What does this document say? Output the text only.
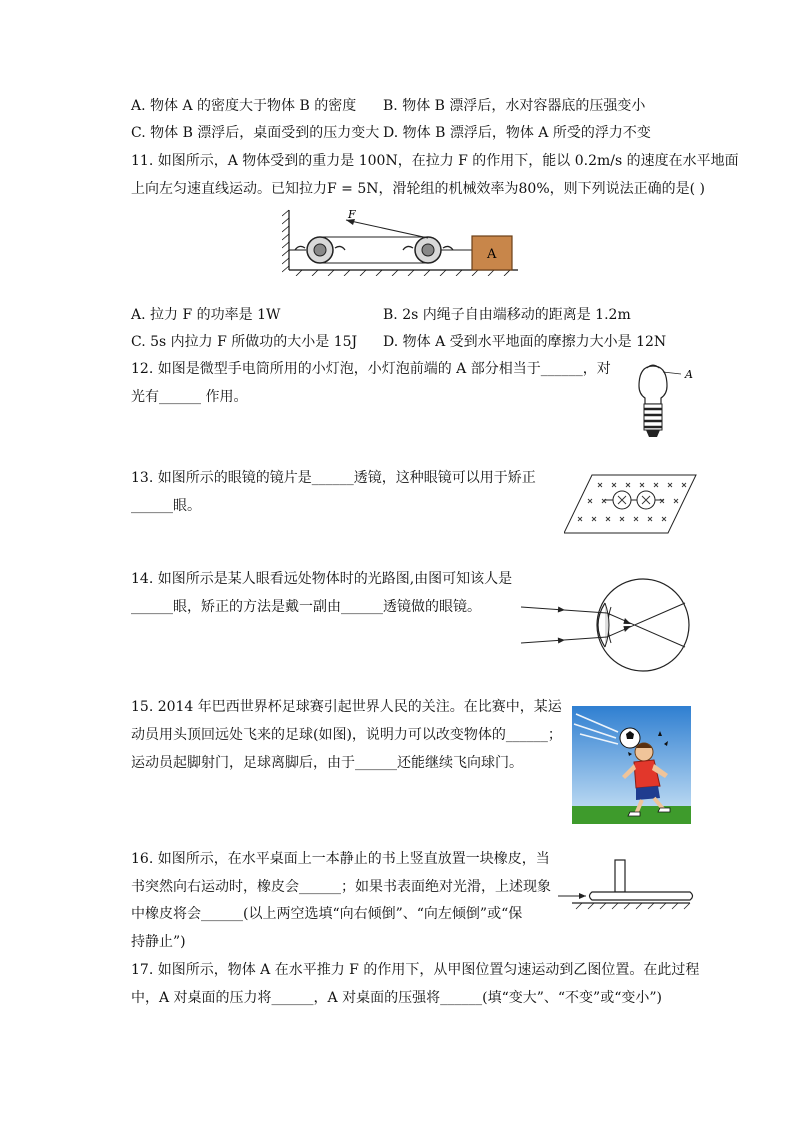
A. 物体 A 的密度大于物体 B 的密度 B. 物体 B 漂浮后，水对容器底的压强变小
C. 物体 B 漂浮后，桌面受到的压力变大 D. 物体 B 漂浮后，物体 A 所受的浮力不变
11. 如图所示，A 物体受到的重力是 100N，在拉力 F 的作用下，能以 0.2m/s 的速度在水平地面
上向左匀速直线运动。已知拉力F = 5N，滑轮组的机械效率为80%，则下列说法正确的是( )
F
A
A. 拉力 F 的功率是 1W	B. 2s 内绳子自由端移动的距离是 1.2m
C. 5s 内拉力 F 所做功的大小是 15J D. 物体 A 受到水平地面的摩擦力大小是 12N
12. 如图是微型手电筒所用的小灯泡，小灯泡前端的 A 部分相当于______，对
光有______ 作用。
A
13. 如图所示的眼镜的镜片是______透镜，这种眼镜可以用于矫正
______眼。
14. 如图所示是某人眼看远处物体时的光路图,由图可知该人是
______眼，矫正的方法是戴一副由______透镜做的眼镜。
15. 2014 年巴西世界杯足球赛引起世界人民的关注。在比赛中，某运
动员用头顶回远处飞来的足球(如图)，说明力可以改变物体的______；
运动员起脚射门，足球离脚后，由于______还能继续飞向球门。
16. 如图所示，在水平桌面上一本静止的书上竖直放置一块橡皮，当
书突然向右运动时，橡皮会______；如果书表面绝对光滑，上述现象
中橡皮将会______(以上两空选填“向右倾倒”、“向左倾倒”或“保
持静止”)
17. 如图所示，物体 A 在水平推力 F 的作用下，从甲图位置匀速运动到乙图位置。在此过程
中，A 对桌面的压力将______，A 对桌面的压强将______(填“变大”、“不变”或“变小”)
